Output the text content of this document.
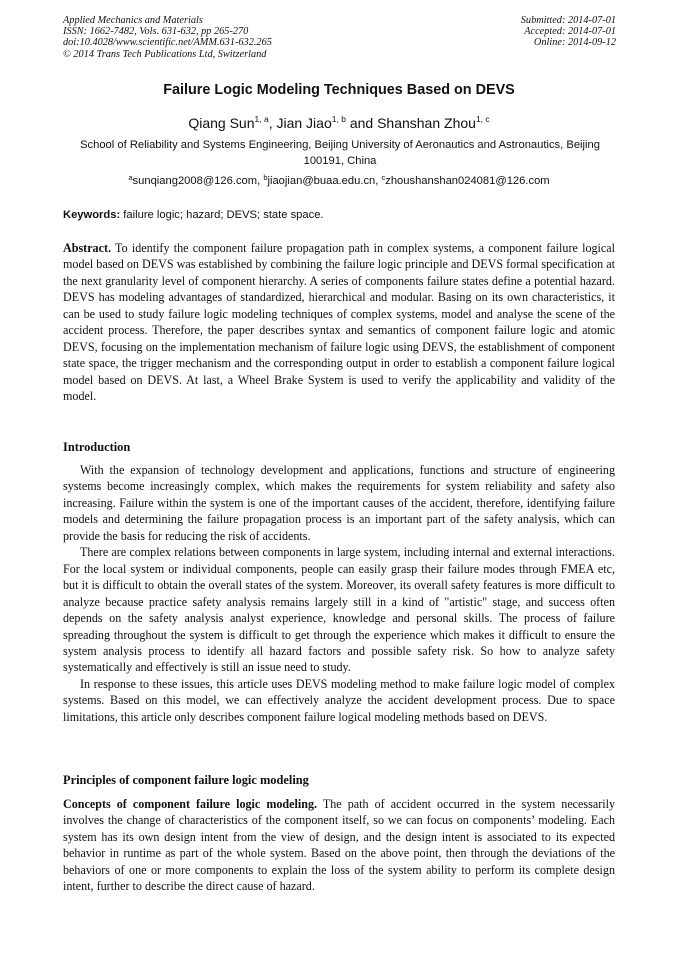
Applied Mechanics and Materials
ISSN: 1662-7482, Vols. 631-632, pp 265-270
doi:10.4028/www.scientific.net/AMM.631-632.265
© 2014 Trans Tech Publications Ltd, Switzerland
Submitted: 2014-07-01
Accepted: 2014-07-01
Online: 2014-09-12
Failure Logic Modeling Techniques Based on DEVS
Qiang Sun$^{1, a}$, Jian Jiao$^{1, b}$ and Shanshan Zhou$^{1, c}$
School of Reliability and Systems Engineering, Beijing University of Aeronautics and Astronautics, Beijing 100191, China
$^a$sunqiang2008@126.com, $^b$jiaojian@buaa.edu.cn, $^c$zhoushanshan024081@126.com
Keywords: failure logic; hazard; DEVS; state space.

Abstract. To identify the component failure propagation path in complex systems, a component failure logical model based on DEVS was established by combining the failure logic principle and DEVS formal specification at the next granularity level of component hierarchy. A series of components failure states define a potential hazard. DEVS has modeling advantages of standardized, hierarchical and modular. Basing on its own characteristics, it can be used to study failure logic modeling techniques of complex systems, model and analyse the scene of the accident process. Therefore, the paper describes syntax and semantics of component failure logic and atomic DEVS, focusing on the implementation mechanism of failure logic using DEVS, the establishment of component state space, the trigger mechanism and the corresponding output in order to establish a component failure logical model based on DEVS. At last, a Wheel Brake System is used to verify the applicability and validity of the model.

Introduction

With the expansion of technology development and applications, functions and structure of engineering systems become increasingly complex, which makes the requirements for system reliability and safety also increasing. Failure within the system is one of the important causes of the accident, therefore, identifying failure models and determining the failure propagation process is an important part of the safety analysis, which can provide the basis for reducing the risk of accidents.

There are complex relations between components in large system, including internal and external interactions. For the local system or individual components, people can easily grasp their failure modes through FMEA etc, but it is difficult to obtain the overall states of the system. Moreover, its overall safety features is more difficult to analyze because practice safety analysis remains largely still in a kind of "artistic" stage, and success often depends on the safety analysis analyst experience, knowledge and personal skills. The process of failure spreading throughout the system is difficult to get through the experience which makes it difficult to ensure the system analysis process to identify all hazard factors and possible safety risk. So how to analyze safety systematically and effectively is still an issue need to study.

In response to these issues, this article uses DEVS modeling method to make failure logic model of complex systems. Based on this model, we can effectively analyze the accident development process. Due to space limitations, this article only describes component failure logical modeling methods based on DEVS.

Principles of component failure logic modeling

Concepts of component failure logic modeling. The path of accident occurred in the system necessarily involves the change of characteristics of the component itself, so we can focus on components’ modeling. Each system has its own design intent from the view of design, and the design intent is associated to its expected behavior in runtime as part of the whole system. Based on the above point, then through the deviations of the behaviors of one or more components to explain the loss of the system ability to perform its complete design intent, further to describe the direct cause of hazard.
